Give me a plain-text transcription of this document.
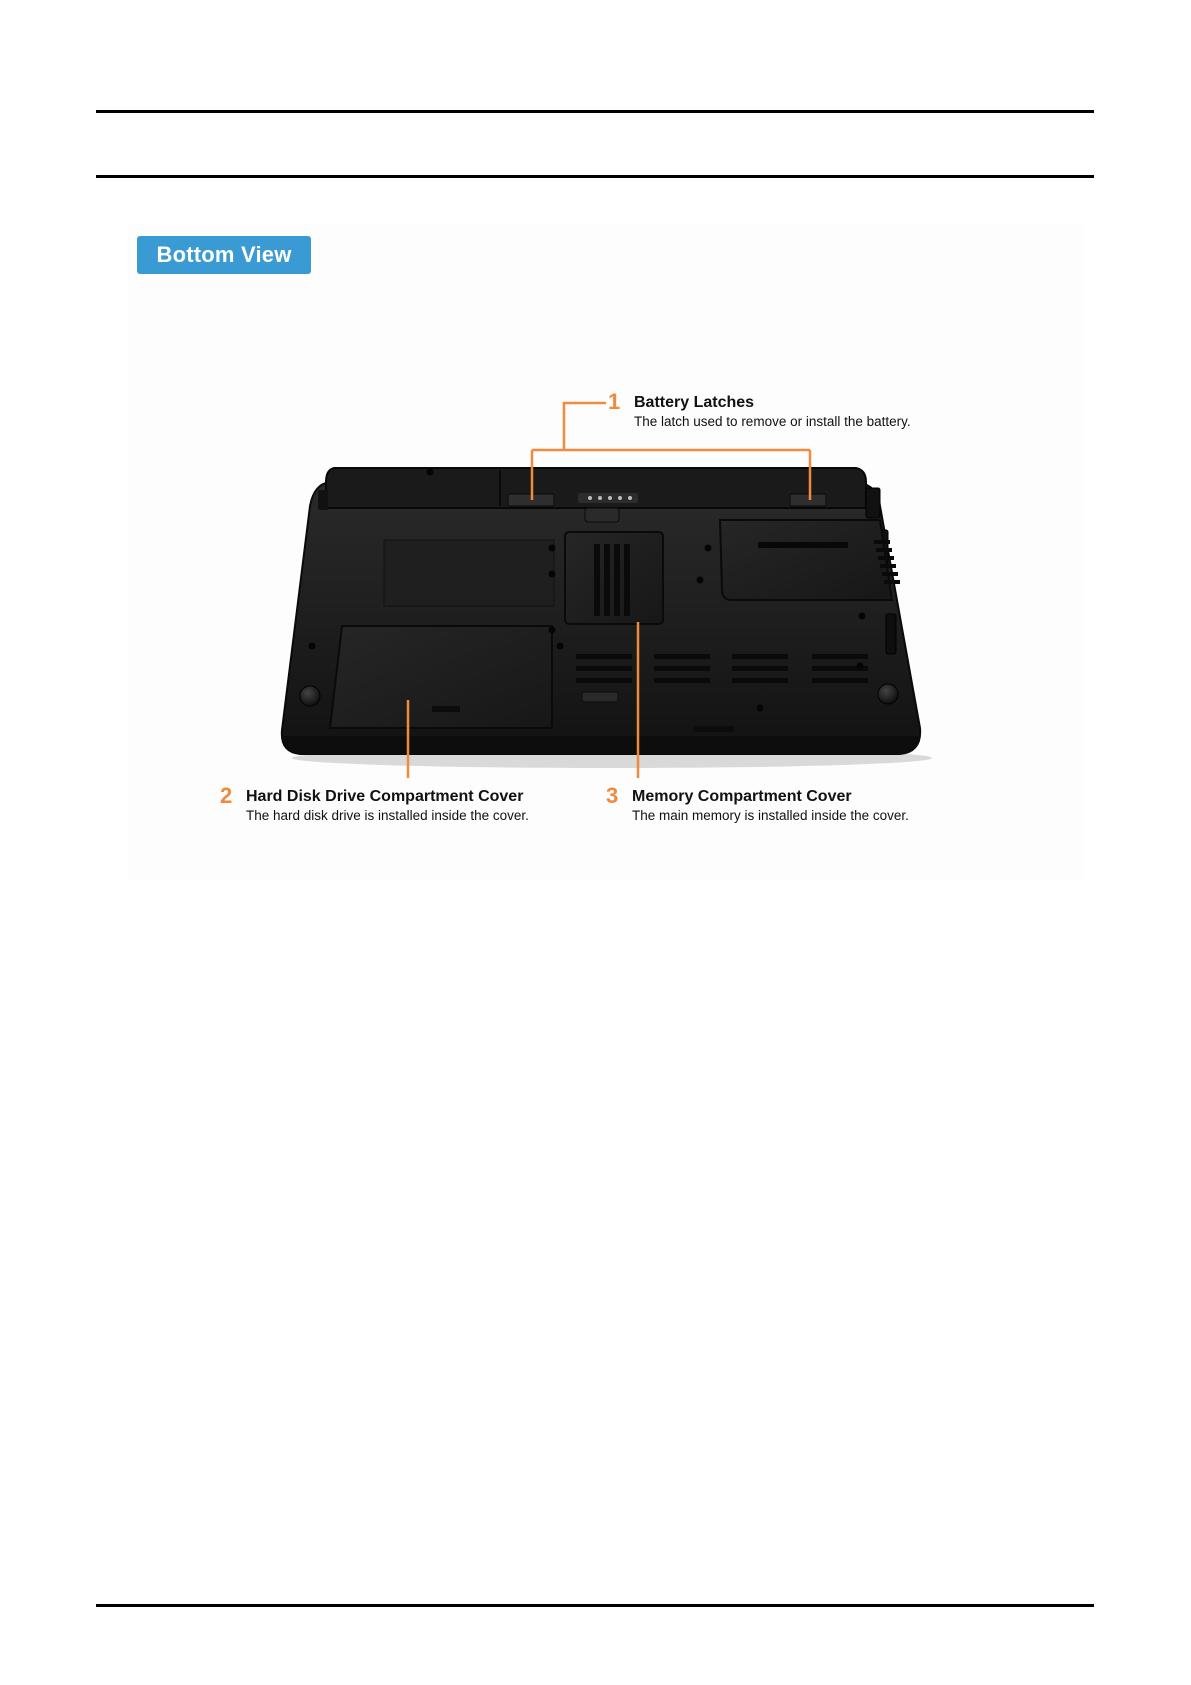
Bottom View
1 Battery Latches
The latch used to remove or install the battery.
2 Hard Disk Drive Compartment Cover
The hard disk drive is installed inside the cover.
3 Memory Compartment Cover
The main memory is installed inside the cover.
